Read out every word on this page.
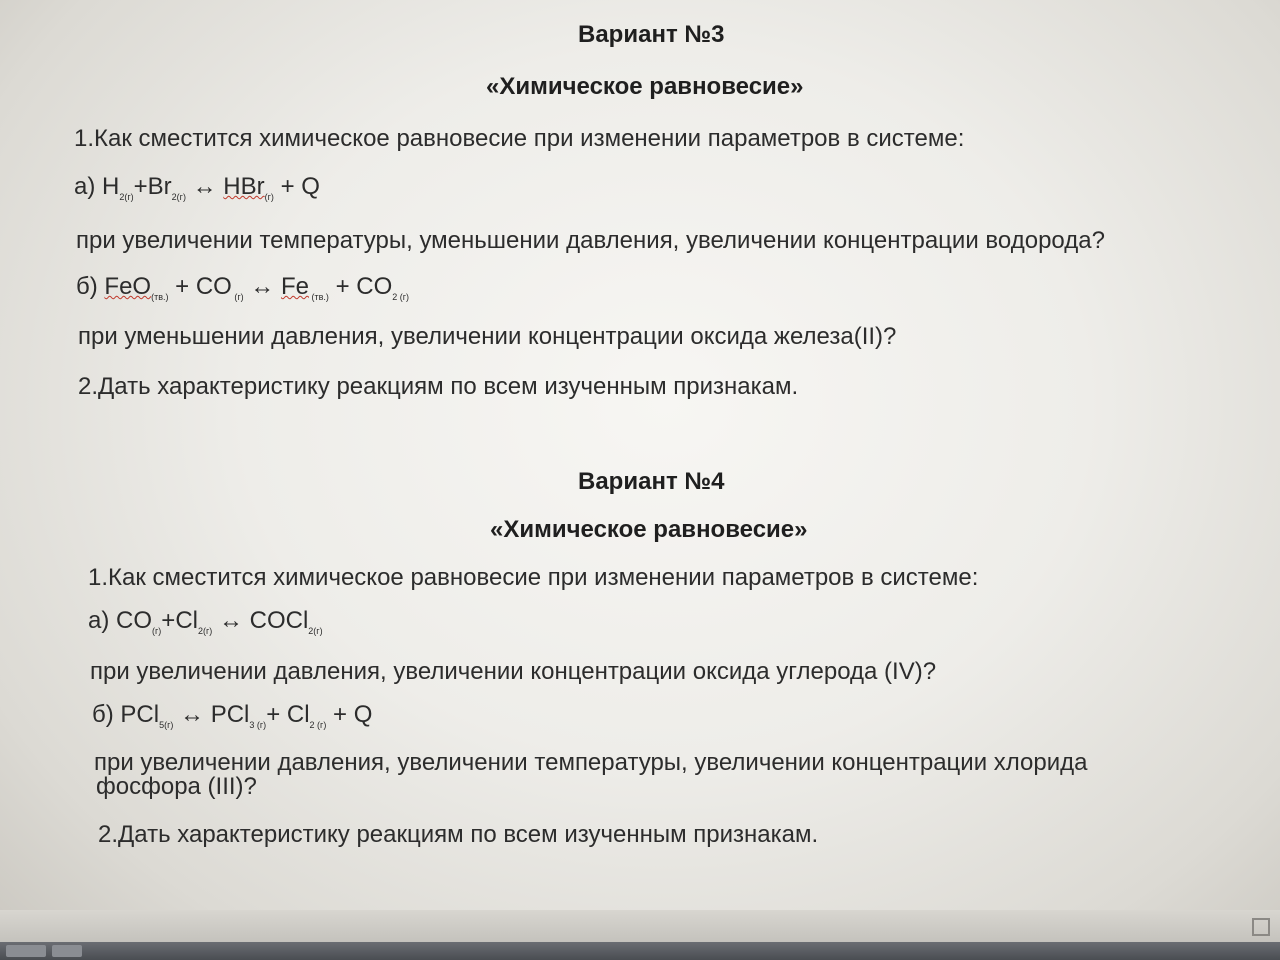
Вариант №3
«Химическое равновесие»
1.Как сместится химическое равновесие при изменении параметров в системе:
а) $H_{2(г)}+Br_{2(г)}$ ↔ HBr$_{(г)}$ + Q
при увеличении температуры, уменьшении давления, увеличении концентрации водорода?
б) FeO$_{(тв.)}$ + CO $_{(г)}$ ↔ Fe $_{(тв.)} + CO_{2 (г)}$
при уменьшении давления, увеличении концентрации оксида железа(II)?
2.Дать характеристику реакциям по всем изученным признакам.
Вариант №4
«Химическое равновесие»
1.Как сместится химическое равновесие при изменении параметров в системе:
а) $CO_{(г)}+Cl_{2(г)}$ ↔ COCl$_{2(г)}$
при увеличении давления, увеличении концентрации оксида углерода (IV)?
б) PCl$_{5(г)}$ ↔ $PCl_{3 (г)}+ Cl_{2 (г)} + Q$
при увеличении давления, увеличении температуры, увеличении концентрации хлорида
фосфора (III)?
2.Дать характеристику реакциям по всем изученным признакам.
